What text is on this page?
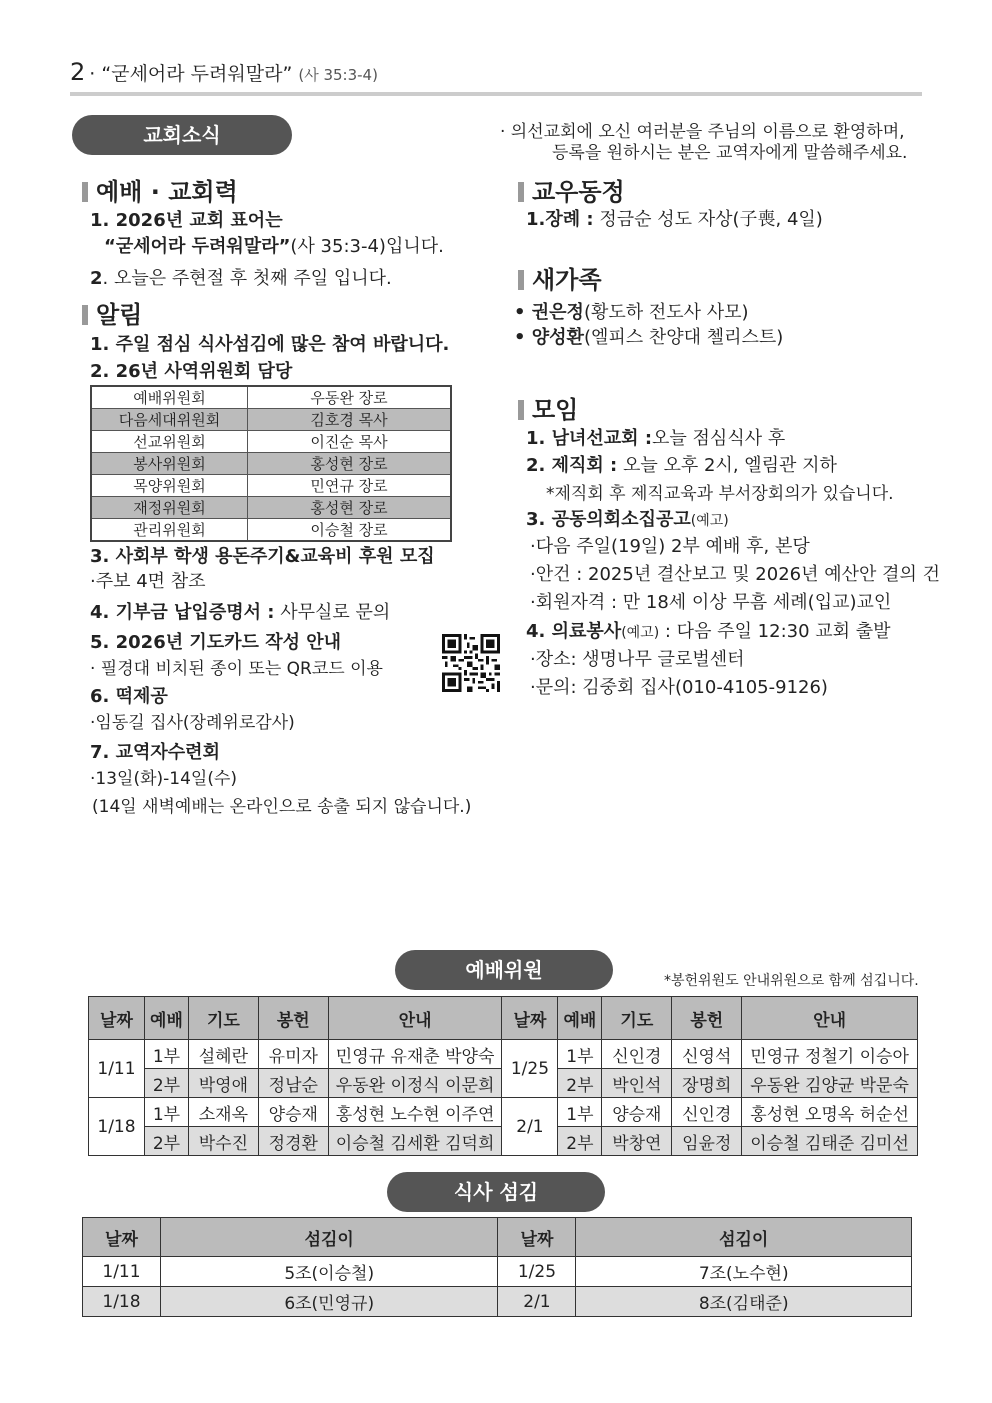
2 · “굳세어라 두려워말라” (사 35:3-4)
교회소식	· 의선교회에 오신 여러분을 주님의 이름으로 환영하며,
등록을 원하시는 분은 교역자에게 말씀해주세요.
예배 · 교회력
1. 2026년 교회 표어는
“굳세어라 두려워말라”(사 35:3-4)입니다.
2. 오늘은 주현절 후 첫째 주일 입니다.
알림
1. 주일 점심 식사섬김에 많은 참여 바랍니다.
2. 26년 사역위원회 담당
예배위원회	우동완 장로
다음세대위원회	김호경 목사
선교위원회	이진순 목사
봉사위원회	홍성현 장로
목양위원회	민연규 장로
재정위원회	홍성현 장로
관리위원회	이승철 장로
3. 사회부 학생 용돈주기&교육비 후원 모집
·주보 4면 참조
4. 기부금 납입증명서 : 사무실로 문의
5. 2026년 기도카드 작성 안내
· 필경대 비치된 종이 또는 QR코드 이용
6. 떡제공
·임동길 집사(장례위로감사)
7. 교역자수련회
·13일(화)-14일(수)
(14일 새벽예배는 온라인으로 송출 되지 않습니다.)
교우동정
1.장례 : 정금순 성도 자상(子喪, 4일)
새가족
• 권은정(황도하 전도사 사모)
• 양성환(엘피스 찬양대 첼리스트)
모임
1. 남녀선교회 :오늘 점심식사 후
2. 제직회 : 오늘 오후 2시, 엘림관 지하
*제직회 후 제직교육과 부서장회의가 있습니다.
3. 공동의회소집공고(예고)
·다음 주일(19일) 2부 예배 후, 본당
·안건 : 2025년 결산보고 및 2026년 예산안 결의 건
·회원자격 : 만 18세 이상 무흠 세례(입교)교인
4. 의료봉사(예고) : 다음 주일 12:30 교회 출발
·장소: 생명나무 글로벌센터
·문의: 김중회 집사(010-4105-9126)
예배위원	*봉헌위원도 안내위원으로 함께 섬깁니다.
날짜	예배	기도	봉헌	안내	날짜	예배	기도	봉헌	안내
1/11	1부	설혜란	유미자	민영규 유재춘 박양숙	1/25	1부	신인경	신영석	민영규 정철기 이승아
	2부	박영애	정남순	우동완 이정식 이문희		2부	박인석	장명희	우동완 김양균 박문숙
1/18	1부	소재옥	양승재	홍성현 노수현 이주연	2/1	1부	양승재	신인경	홍성현 오명옥 허순선
	2부	박수진	정경환	이승철 김세환 김덕희		2부	박창연	임윤정	이승철 김태준 김미선
식사 섬김
날짜	섬김이	날짜	섬김이
1/11	5조(이승철)	1/25	7조(노수현)
1/18	6조(민영규)	2/1	8조(김태준)
